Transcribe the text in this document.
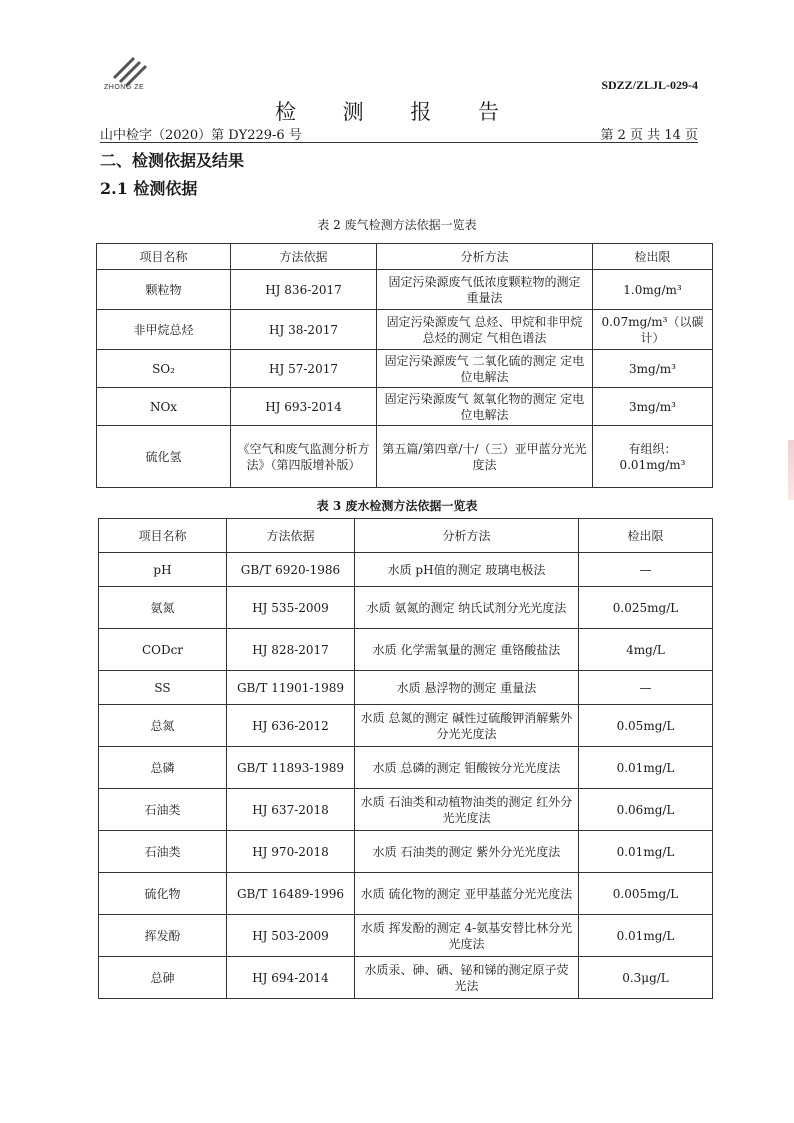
ZHONG ZE	SDZZ/ZLJL-029-4
检 测 报 告
山中检字（2020）第 DY229-6 号	第 2 页 共 14 页
二、检测依据及结果
2.1 检测依据
表 2 废气检测方法依据一览表
项目名称	方法依据	分析方法	检出限
颗粒物	HJ 836-2017	固定污染源废气低浓度颗粒物的测定 重量法	1.0mg/m³
非甲烷总烃	HJ 38-2017	固定污染源废气 总烃、甲烷和非甲烷总烃的测定 气相色谱法	0.07mg/m³（以碳计）
SO₂	HJ 57-2017	固定污染源废气 二氧化硫的测定 定电位电解法	3mg/m³
NOx	HJ 693-2014	固定污染源废气 氮氧化物的测定 定电位电解法	3mg/m³
硫化氢	《空气和废气监测分析方法》（第四版增补版）	第五篇/第四章/十/（三）亚甲蓝分光光度法	有组织：0.01mg/m³
表 3 废水检测方法依据一览表
项目名称	方法依据	分析方法	检出限
pH	GB/T 6920-1986	水质 pH值的测定 玻璃电极法	—
氨氮	HJ 535-2009	水质 氨氮的测定 纳氏试剂分光光度法	0.025mg/L
CODcr	HJ 828-2017	水质 化学需氧量的测定 重铬酸盐法	4mg/L
SS	GB/T 11901-1989	水质 悬浮物的测定 重量法	—
总氮	HJ 636-2012	水质 总氮的测定 碱性过硫酸钾消解紫外分光光度法	0.05mg/L
总磷	GB/T 11893-1989	水质 总磷的测定 钼酸铵分光光度法	0.01mg/L
石油类	HJ 637-2018	水质 石油类和动植物油类的测定 红外分光光度法	0.06mg/L
石油类	HJ 970-2018	水质 石油类的测定 紫外分光光度法	0.01mg/L
硫化物	GB/T 16489-1996	水质 硫化物的测定 亚甲基蓝分光光度法	0.005mg/L
挥发酚	HJ 503-2009	水质 挥发酚的测定 4-氨基安替比林分光光度法	0.01mg/L
总砷	HJ 694-2014	水质汞、砷、硒、铋和锑的测定原子荧光法	0.3μg/L
